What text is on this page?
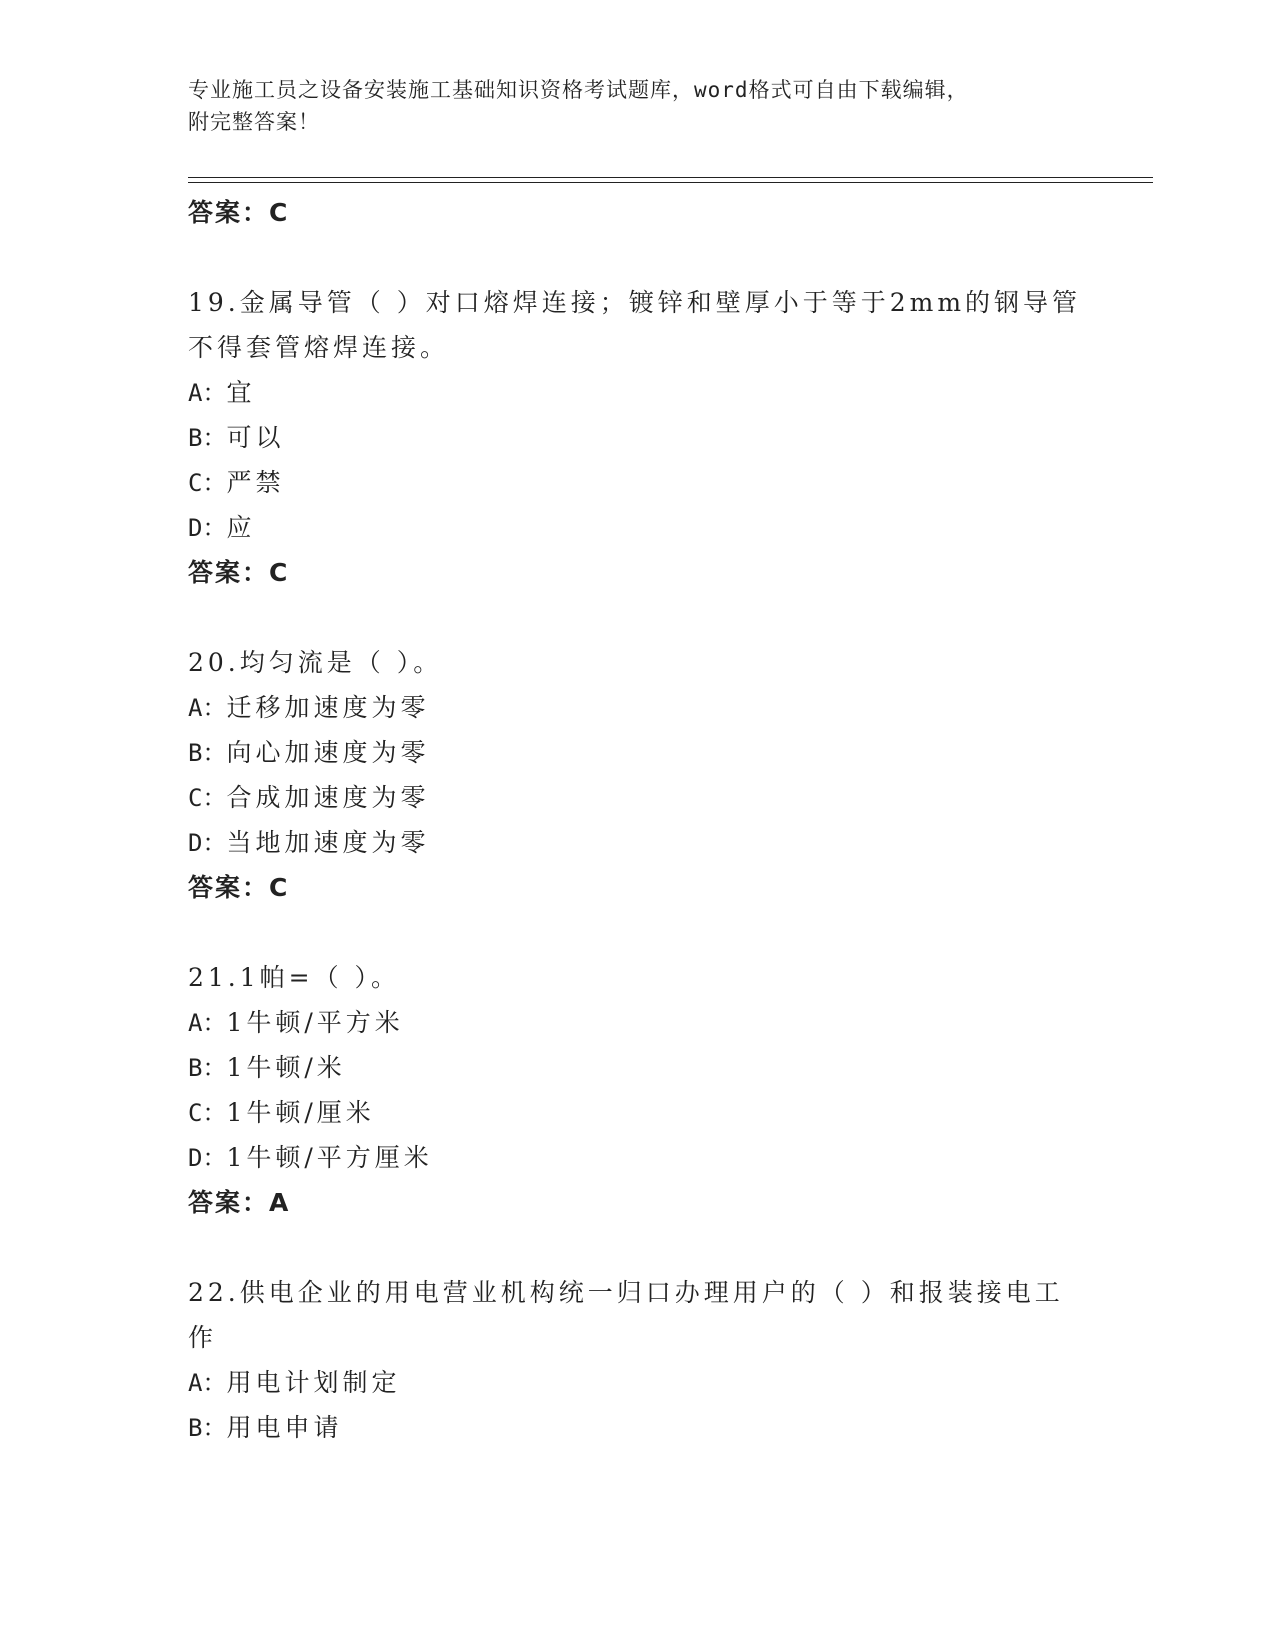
专业施工员之设备安装施工基础知识资格考试题库，word格式可自由下载编辑，
附完整答案！
答案：C
19.金属导管（ ）对口熔焊连接；镀锌和壁厚小于等于2mm的钢导管
不得套管熔焊连接。
A：宜
B：可以
C：严禁
D：应
答案：C
20.均匀流是（ ）。
A：迁移加速度为零
B：向心加速度为零
C：合成加速度为零
D：当地加速度为零
答案：C
21.1帕=（ ）。
A：1牛顿/平方米
B：1牛顿/米
C：1牛顿/厘米
D：1牛顿/平方厘米
答案：A
22.供电企业的用电营业机构统一归口办理用户的（ ）和报装接电工
作
A：用电计划制定
B：用电申请
